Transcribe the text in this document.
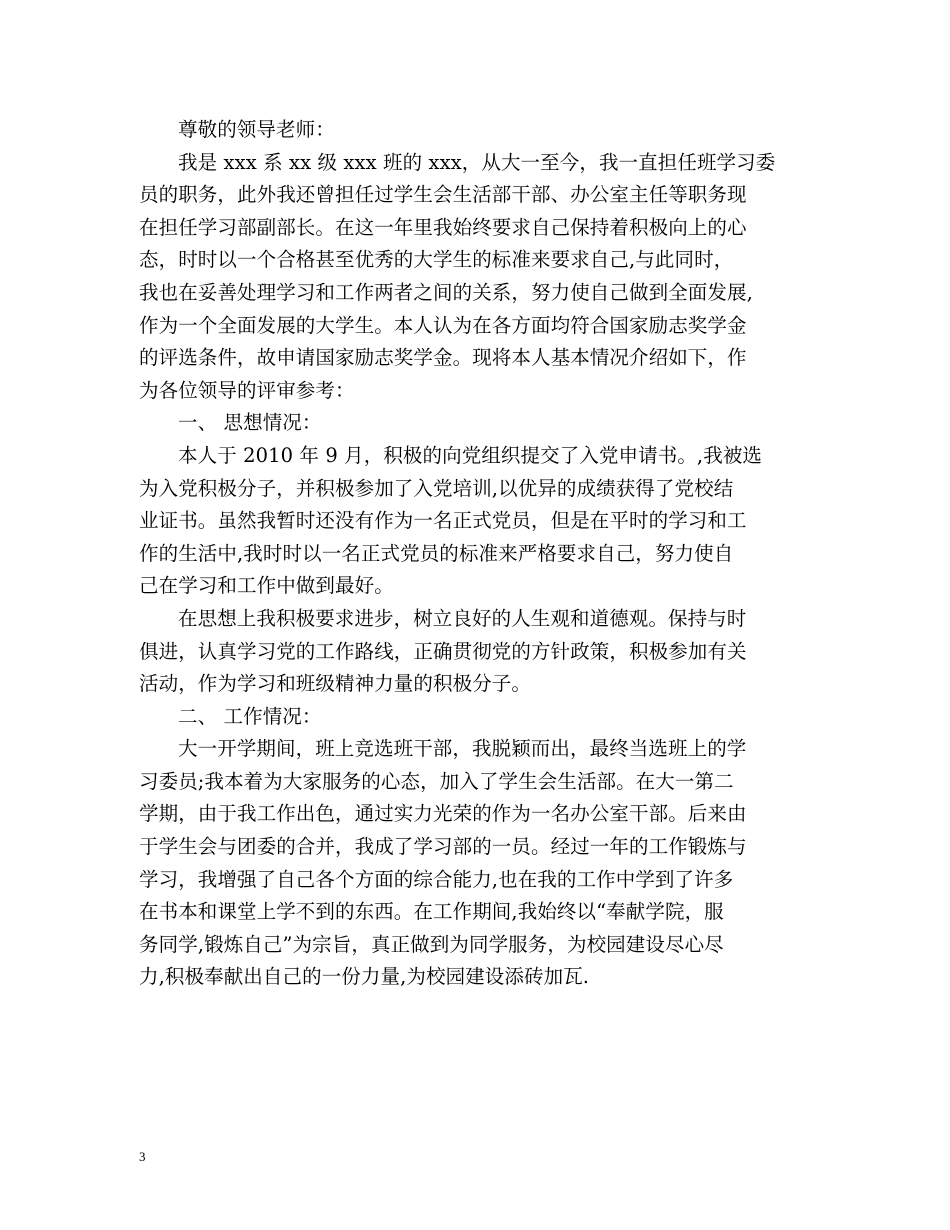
尊敬的领导老师：
我是 xxx 系 xx 级 xxx 班的 xxx，从大一至今，我一直担任班学习委
员的职务，此外我还曾担任过学生会生活部干部、办公室主任等职务现
在担任学习部副部长。在这一年里我始终要求自己保持着积极向上的心
态，时时以一个合格甚至优秀的大学生的标准来要求自己,与此同时，
我也在妥善处理学习和工作两者之间的关系，努力使自己做到全面发展,
作为一个全面发展的大学生。本人认为在各方面均符合国家励志奖学金
的评选条件，故申请国家励志奖学金。现将本人基本情况介绍如下，作
为各位领导的评审参考：
一、 思想情况：
本人于 2010 年 9 月，积极的向党组织提交了入党申请书。,我被选
为入党积极分子，并积极参加了入党培训,以优异的成绩获得了党校结
业证书。虽然我暂时还没有作为一名正式党员，但是在平时的学习和工
作的生活中,我时时以一名正式党员的标准来严格要求自己，努力使自
己在学习和工作中做到最好。
在思想上我积极要求进步，树立良好的人生观和道德观。保持与时
俱进，认真学习党的工作路线，正确贯彻党的方针政策，积极参加有关
活动，作为学习和班级精神力量的积极分子。
二、 工作情况：
大一开学期间，班上竞选班干部，我脱颖而出，最终当选班上的学
习委员;我本着为大家服务的心态，加入了学生会生活部。在大一第二
学期，由于我工作出色，通过实力光荣的作为一名办公室干部。后来由
于学生会与团委的合并，我成了学习部的一员。经过一年的工作锻炼与
学习，我增强了自己各个方面的综合能力,也在我的工作中学到了许多
在书本和课堂上学不到的东西。在工作期间,我始终以“奉献学院，服
务同学,锻炼自己”为宗旨，真正做到为同学服务，为校园建设尽心尽
力,积极奉献出自己的一份力量,为校园建设添砖加瓦.
3
